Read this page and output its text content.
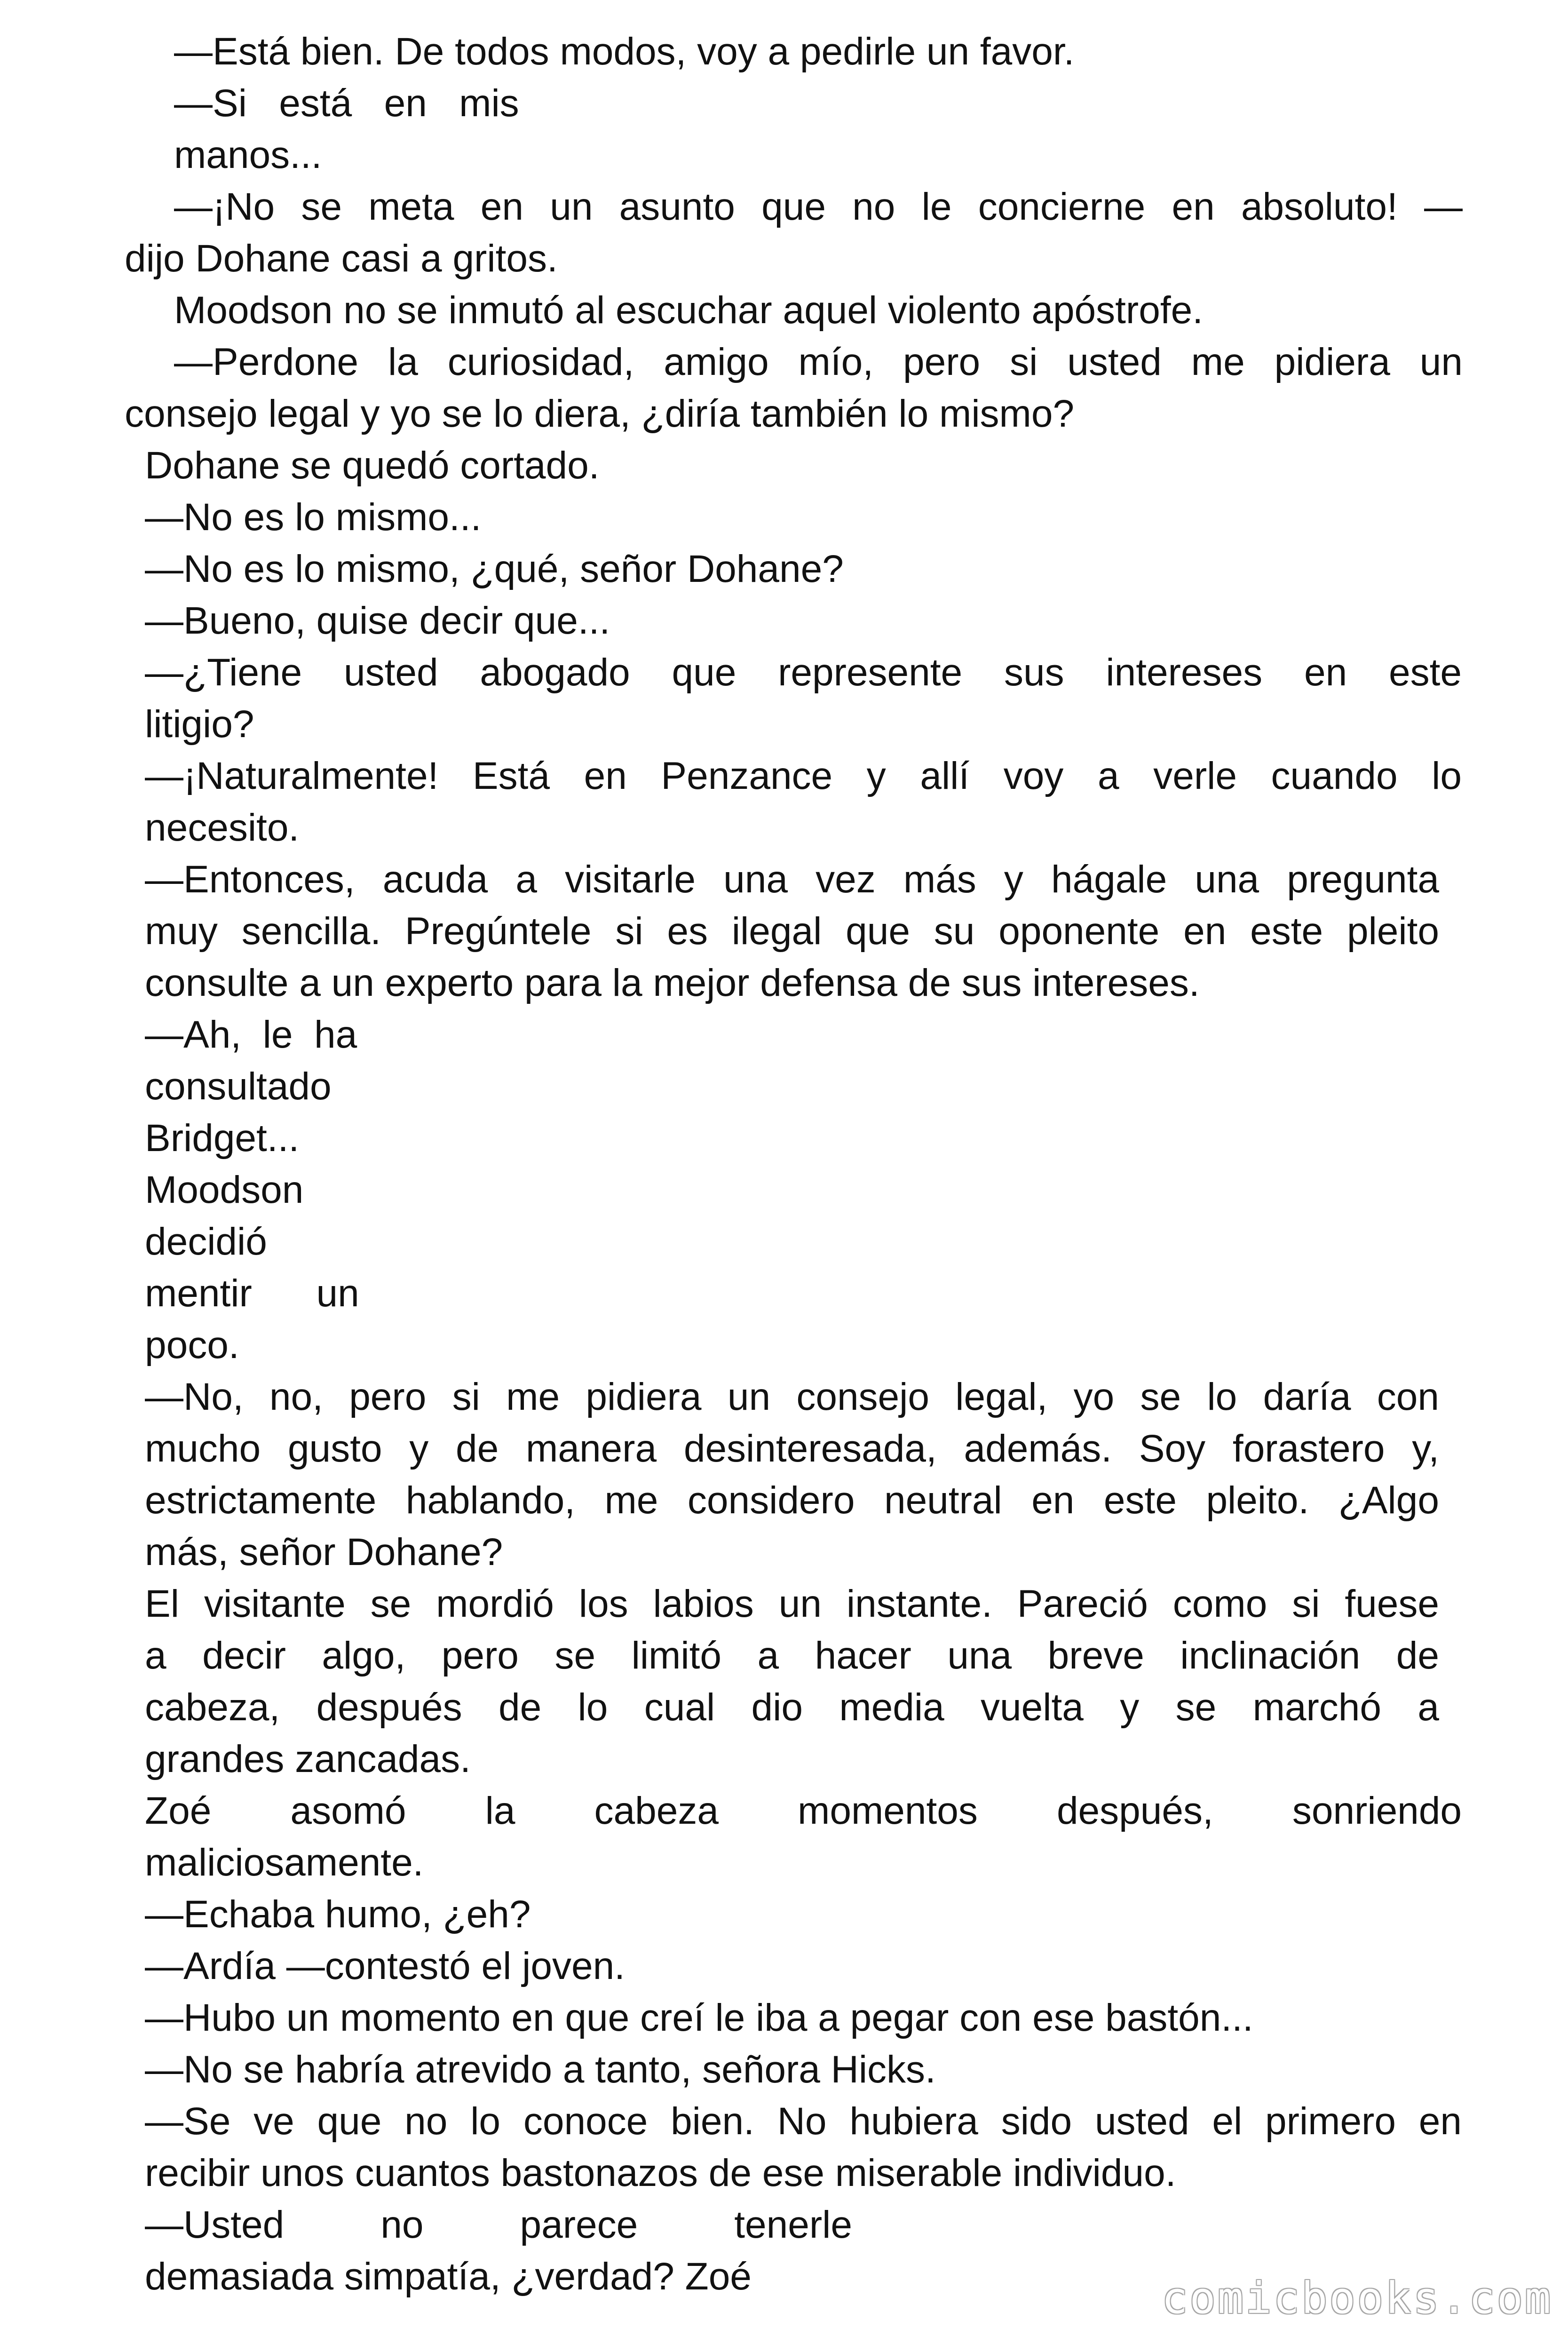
—Está bien. De todos modos, voy a pedirle un favor.

—Si   está   en   mis

manos...

—¡No se meta en un asunto que no le concierne en absoluto! —

dijo Dohane casi a gritos.

Moodson no se inmutó al escuchar aquel violento apóstrofe.

—Perdone la curiosidad, amigo mío, pero si usted me pidiera un

consejo legal y yo se lo diera, ¿diría también lo mismo?

Dohane se quedó cortado.

—No es lo mismo...

—No es lo mismo, ¿qué, señor Dohane?

—Bueno, quise decir que...

—¿Tiene usted abogado que represente sus intereses en este

litigio?

—¡Naturalmente! Está en Penzance y allí voy a verle cuando lo

necesito.

—Entonces, acuda a visitarle una vez más y hágale una pregunta

muy sencilla. Pregúntele si es ilegal que su oponente en este pleito

consulte a un experto para la mejor defensa de sus intereses.

—Ah,  le  ha

consultado

Bridget...

Moodson

decidió

mentir      un

poco.

—No, no, pero si me pidiera un consejo legal, yo se lo daría con

mucho gusto y de manera desinteresada, además. Soy forastero y,

estrictamente hablando, me considero neutral en este pleito. ¿Algo

más, señor Dohane?

El visitante se mordió los labios un instante. Pareció como si fuese

a decir algo, pero se limitó a hacer una breve inclinación de

cabeza, después de lo cual dio media vuelta y se marchó a

grandes zancadas.

Zoé asomó la cabeza momentos después, sonriendo

maliciosamente.

—Echaba humo, ¿eh?

—Ardía —contestó el joven.

—Hubo un momento en que creí le iba a pegar con ese bastón...

—No se habría atrevido a tanto, señora Hicks.

—Se ve que no lo conoce bien. No hubiera sido usted el primero en

recibir unos cuantos bastonazos de ese miserable individuo.

—Usted         no         parece         tenerle

demasiada simpatía, ¿verdad? Zoé	comicbooks.com
